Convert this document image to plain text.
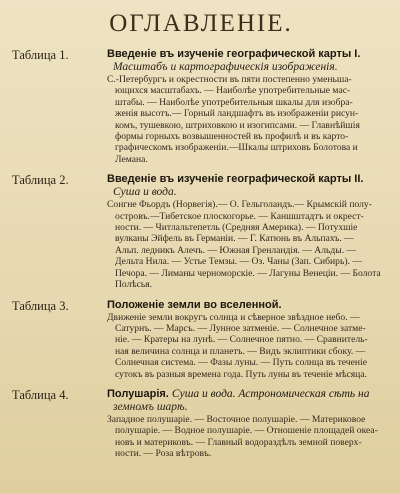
ОГЛАВЛЕНІЕ.
Таблица 1.	Введеніе въ изученіе географической карты I.
Масштабъ и картографическія изображенія.
С.-Петербургъ и окрестности въ пяти постепенно уменьша-
ющихся масштабахъ. — Наиболѣе употребительные мас-
штабы. — Наиболѣе употребительныя шкалы для изобра-
женія высотъ.— Горный ландшафтъ въ изображеніи рисун-
комъ, тушевкою, штриховкою и изогипсами. — Главнѣйшія
формы горныхъ возвышенностей въ профилѣ и въ карто-
графическомъ изображеніи.—Шкалы штриховъ Болотова и
Лемана.
Таблица 2.	Введеніе въ изученіе географической карты II.
Суша и вода.
Сонгне Фьордъ (Норвегія).— О. Гельголандъ.— Крымскій полу-
островъ.—Тибетское плоскогорье. — Каншштадтъ и окрест-
ности. — Читлальтепетль (Средняя Америка). — Потухшіе
вулканы Эйфель въ Германіи. — Г. Катюнь въ Альпахъ. —
Альп. ледникъ Алечъ. — Южная Гренландія. — Альды. —
Дельта Нила. — Устье Темзы. — Оз. Чаны (Зап. Сибирь). —
Печора. — Лиманы черноморскіе. — Лагуны Венеціи. — Болота
Полѣсья.
Таблица 3.	Положеніе земли во вселенной.
Движеніе земли вокругъ солнца и сѣверное звѣздное небо. —
Сатурнъ. — Марсъ. — Лунное затменіе. — Солнечное затме-
ніе. — Кратеры на лунѣ. — Солнечное пятно. — Сравнитель-
ная величина солнца и планетъ. — Видъ эклиптики сбоку. —
Солнечная система. — Фазы луны. — Путь солнца въ теченіе
сутокъ въ разныя времена года. Путь луны въ теченіе мѣсяца.
Таблица 4.	Полушарія. Суша и вода. Астрономическая сѣть на
земномъ шарѣ.
Западное полушаріе. — Восточное полушаріе. — Материковое
полушаріе. — Водное полушаріе. — Отношеніе площадей океа-
новъ и материковъ. — Главный водораздѣлъ земной поверх-
ности. — Роза вѣтровъ.
